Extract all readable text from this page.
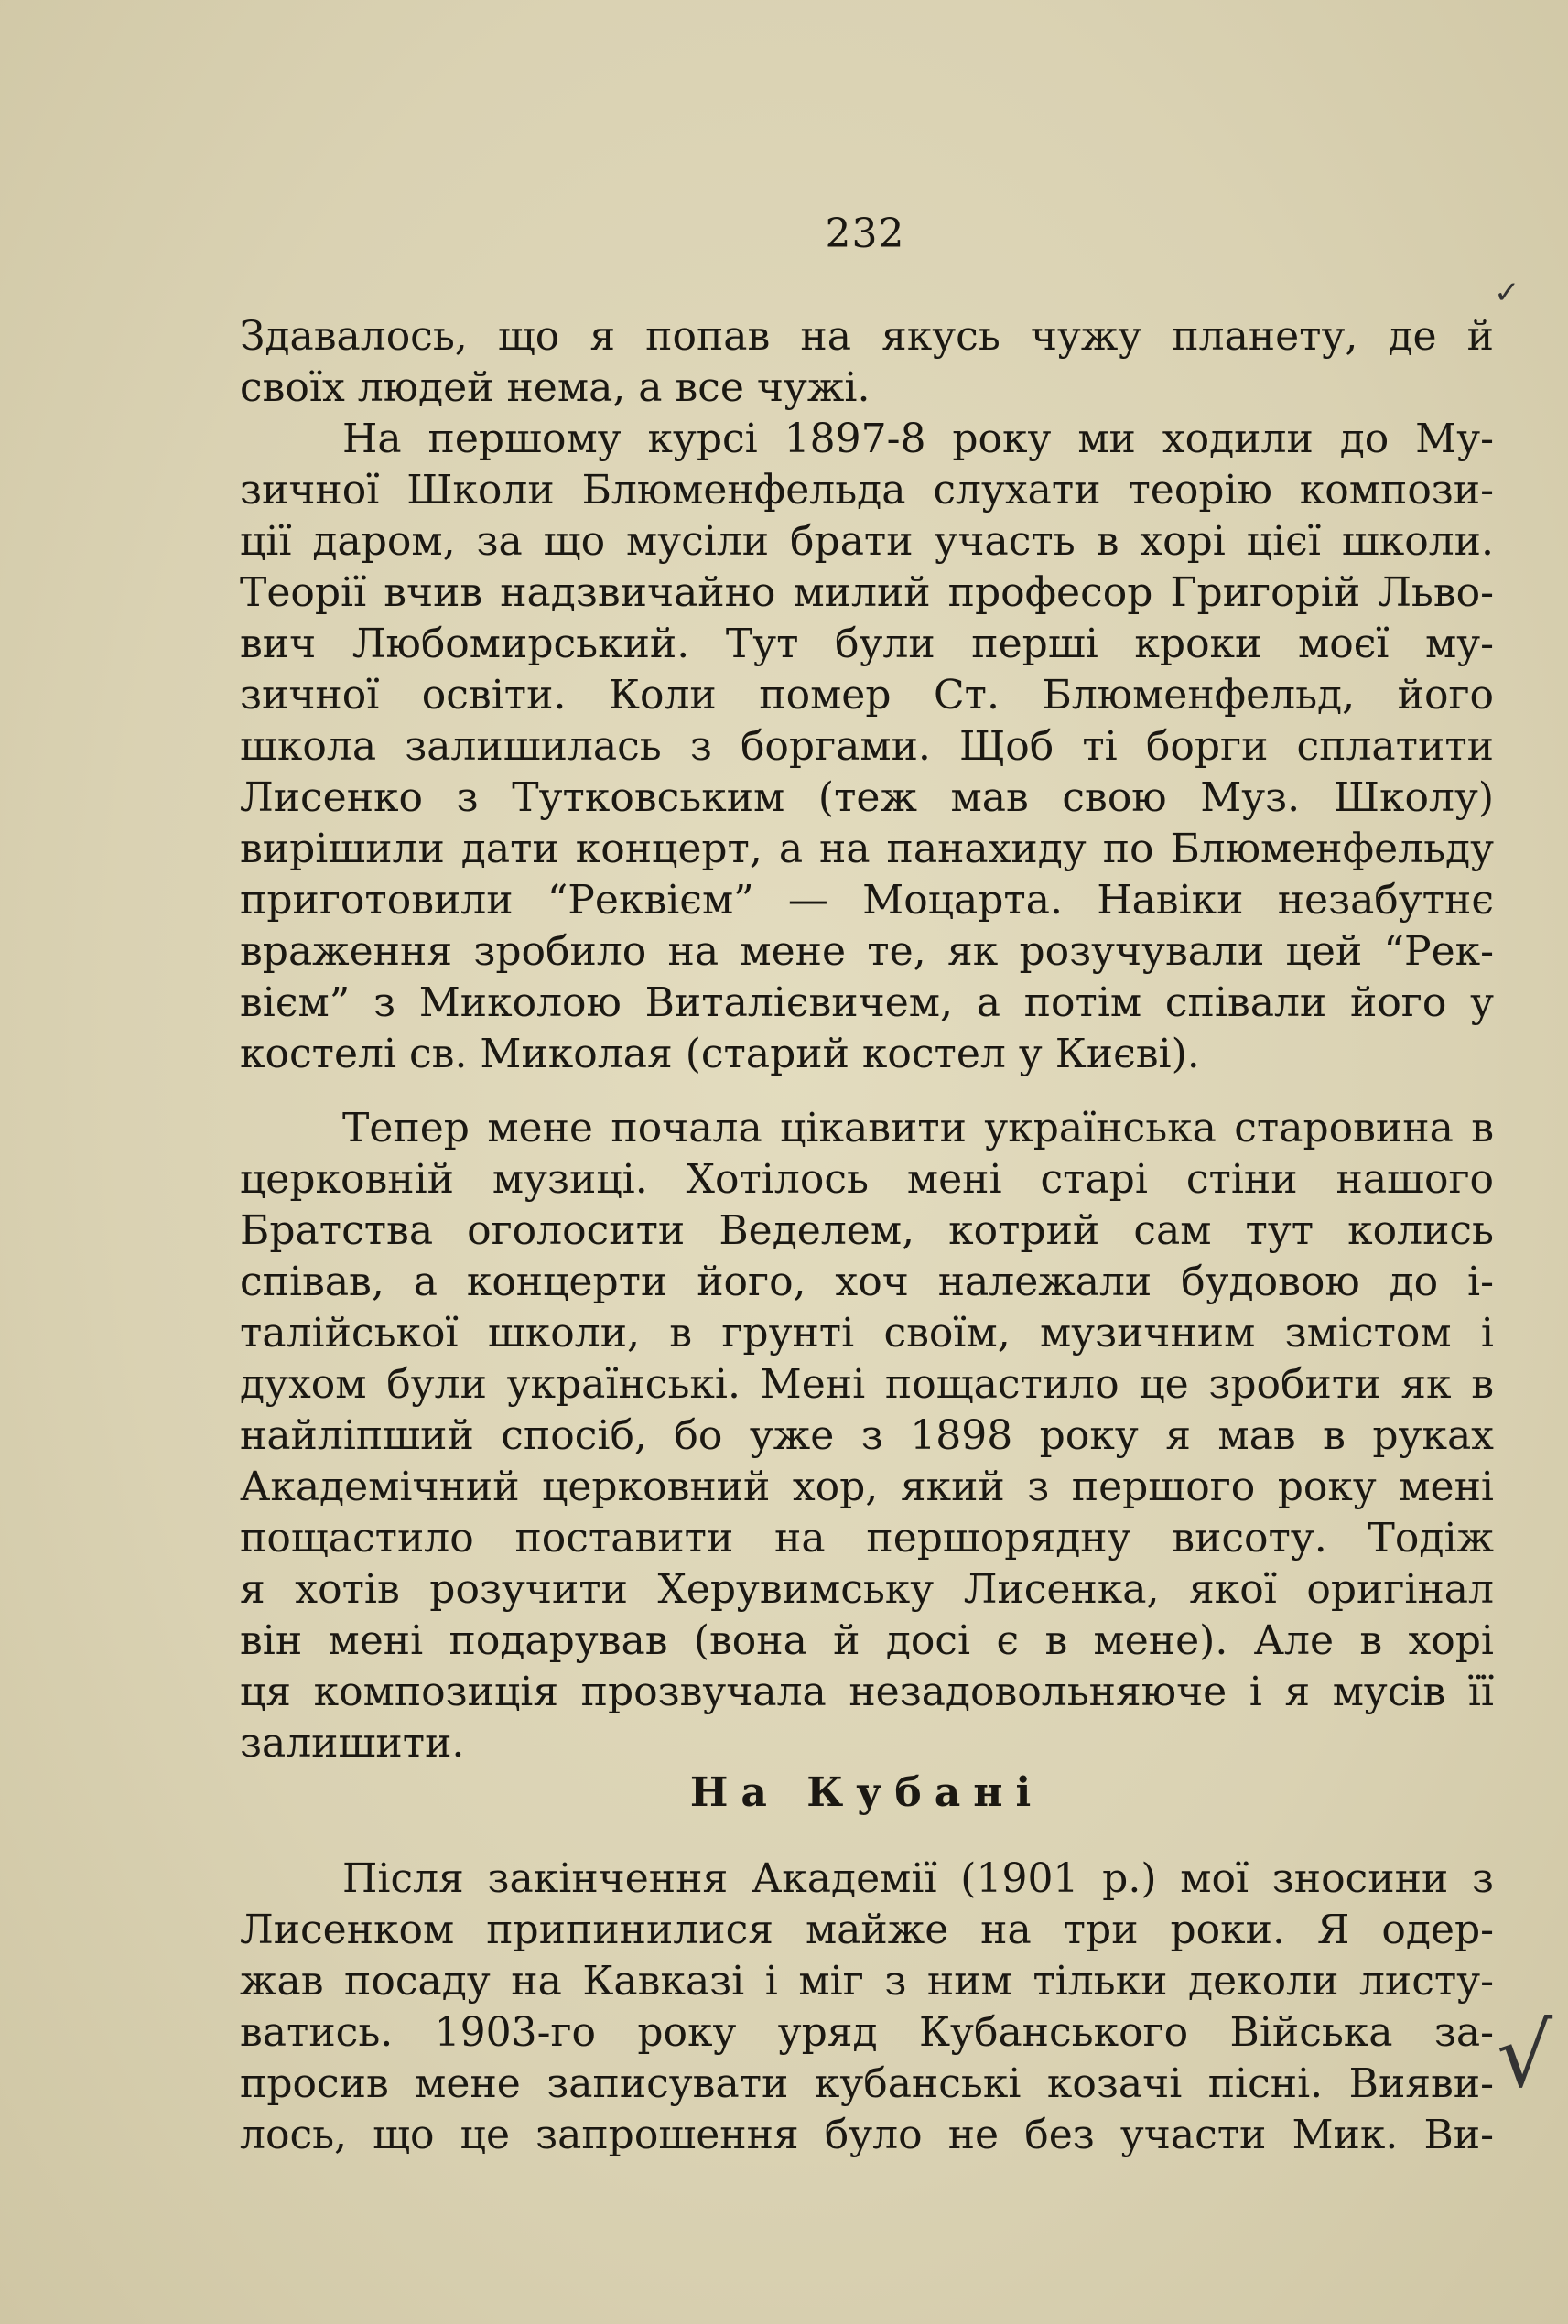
232
✓
Здавалось, що я попав на якусь чужу планету, де й
своїх людей нема, а все чужі.
На першому курсі 1897-8 року ми ходили до Му-
зичної Школи Блюменфельда слухати теорію компози-
ції даром, за що мусіли брати участь в хорі цієї школи.
Теорії вчив надзвичайно милий професор Григорій Львo-
вич Любомирський. Тут були перші кроки моєї му-
зичної освіти. Коли помер Ст. Блюменфельд, його
школа залишилась з боргами. Щоб ті борги сплатити
Лисенко з Тутковським (теж мав свою Муз. Школу)
вирішили дати концерт, а на панахиду по Блюменфельду
приготовили “Реквієм” — Моцарта. Навіки незабутнє
враження зробило на мене те, як розучували цей “Рек-
вієм” з Миколою Виталієвичем, а потім співали його у
костелі св. Миколая (старий костел у Києві).
Тепер мене почала цікавити українська старовина в
церковній музиці. Хотілось мені старі стіни нашого
Братства оголосити Веделем, котрий сам тут колись
співав, а концерти його, хоч належали будовою до і-
талійської школи, в грунті своїм, музичним змістом і
духом були українські. Мені пощастило це зробити як в
найліпший спосіб, бо уже з 1898 року я мав в руках
Академічний церковний хор, який з першого року мені
пощастило поставити на першорядну висоту. Тодіж
я хотів розучити Херувимську Лисенка, якої оригінал
він мені подарував (вона й досі є в мене). Але в хорі
ця композиція прозвучала незадовольняюче і я мусів її
залишити.
На Кубані
Після закінчення Академії (1901 р.) мої зносини з
Лисенком припинилися майже на три роки. Я одер-
жав посаду на Кавказі і міг з ним тільки деколи листу-
ватись. 1903-го року уряд Кубанського Війська за-
просив мене записувати кубанські козачі пісні. Вияви-
лось, що це запрошення було не без участи Мик. Ви-
√
